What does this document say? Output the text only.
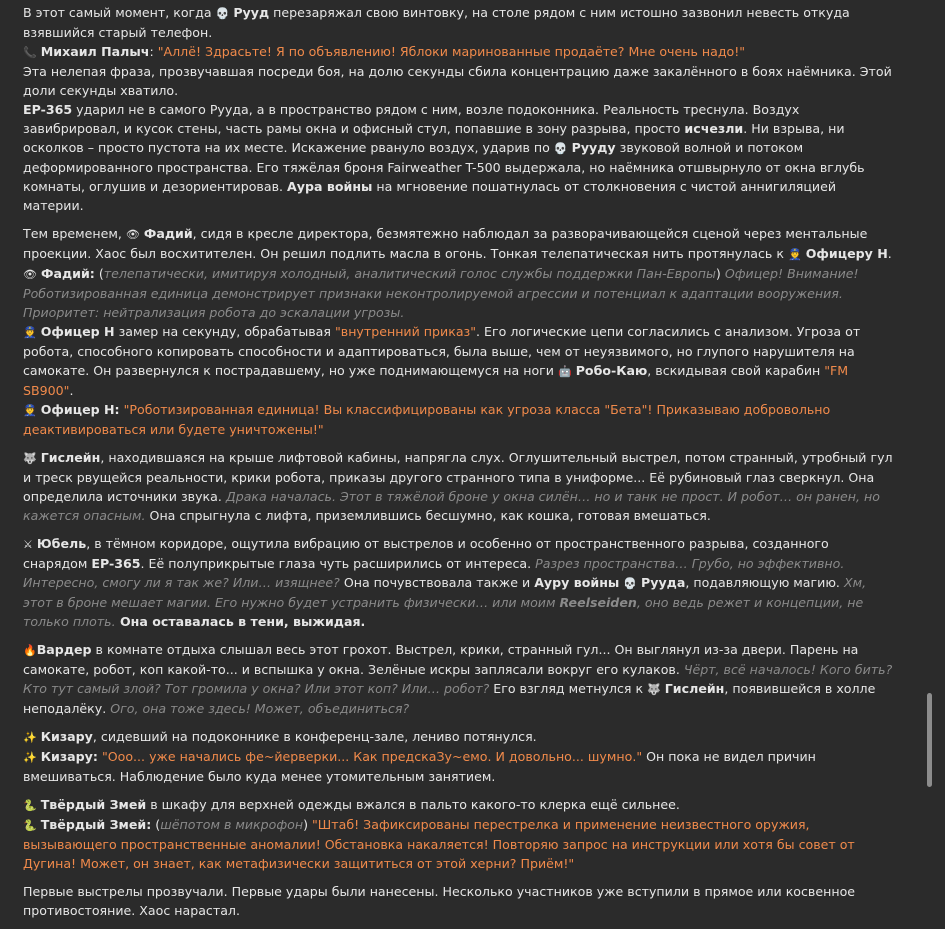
В этот самый момент, когда 💀 Рууд перезаряжал свою винтовку, на столе рядом с ним истошно зазвонил невесть откуда взявшийся старый телефон.
📞 Михаил Палыч: "Аллё! Здрасьте! Я по объявлению! Яблоки маринованные продаёте? Мне очень надо!"
Эта нелепая фраза, прозвучавшая посреди боя, на долю секунды сбила концентрацию даже закалённого в боях наёмника. Этой доли секунды хватило.
EP-365 ударил не в самого Рууда, а в пространство рядом с ним, возле подоконника. Реальность треснула. Воздух завибрировал, и кусок стены, часть рамы окна и офисный стул, попавшие в зону разрыва, просто исчезли. Ни взрыва, ни осколков – просто пустота на их месте. Искажение рвануло воздух, ударив по 💀 Рууду звуковой волной и потоком деформированного пространства. Его тяжёлая броня Fairweather T-500 выдержала, но наёмника отшвырнуло от окна вглубь комнаты, оглушив и дезориентировав. Аура войны на мгновение пошатнулась от столкновения с чистой аннигиляцией материи.
Тем временем, 👁 Фадий, сидя в кресле директора, безмятежно наблюдал за разворачивающейся сценой через ментальные проекции. Хаос был восхитителен. Он решил подлить масла в огонь. Тонкая телепатическая нить протянулась к 👮 Офицеру Н.
👁 Фадий: (телепатически, имитируя холодный, аналитический голос службы поддержки Пан-Европы) Офицер! Внимание! Роботизированная единица демонстрирует признаки неконтролируемой агрессии и потенциал к адаптации вооружения. Приоритет: нейтрализация робота до эскалации угрозы.
👮 Офицер Н замер на секунду, обрабатывая "внутренний приказ". Его логические цепи согласились с анализом. Угроза от робота, способного копировать способности и адаптироваться, была выше, чем от неуязвимого, но глупого нарушителя на самокате. Он развернулся к пострадавшему, но уже поднимающемуся на ноги 🤖 Робо-Каю, вскидывая свой карабин "FM SB900".
👮 Офицер Н: "Роботизированная единица! Вы классифицированы как угроза класса "Бета"! Приказываю добровольно деактивироваться или будете уничтожены!"
🐺 Гислейн, находившаяся на крыше лифтовой кабины, напрягла слух. Оглушительный выстрел, потом странный, утробный гул и треск рвущейся реальности, крики робота, приказы другого странного типа в униформе... Её рубиновый глаз сверкнул. Она определила источники звука. Драка началась. Этот в тяжёлой броне у окна силён… но и танк не прост. И робот… он ранен, но кажется опасным. Она спрыгнула с лифта, приземлившись бесшумно, как кошка, готовая вмешаться.
⚔ Юбель, в тёмном коридоре, ощутила вибрацию от выстрелов и особенно от пространственного разрыва, созданного снарядом EP-365. Её полуприкрытые глаза чуть расширились от интереса. Разрез пространства… Грубо, но эффективно. Интересно, смогу ли я так же? Или… изящнее? Она почувствовала также и Ауру войны 💀 Рууда, подавляющую магию. Хм, этот в броне мешает магии. Его нужно будет устранить физически… или моим Reelseiden, оно ведь режет и концепции, не только плоть. Она оставалась в тени, выжидая.
🔥Вардер в комнате отдыха слышал весь этот грохот. Выстрел, крики, странный гул... Он выглянул из-за двери. Парень на самокате, робот, коп какой-то... и вспышка у окна. Зелёные искры заплясали вокруг его кулаков. Чёрт, всё началось! Кого бить? Кто тут самый злой? Тот громила у окна? Или этот коп? Или… робот? Его взгляд метнулся к 🐺 Гислейн, появившейся в холле неподалёку. Ого, она тоже здесь! Может, объединиться?
✨ Кизару, сидевший на подоконнике в конференц-зале, лениво потянулся.
✨ Кизару: "Ооо... уже начались фе~йерверки... Как предскаЗу~емо. И довольно... шумно." Он пока не видел причин вмешиваться. Наблюдение было куда менее утомительным занятием.
🐍 Твёрдый Змей в шкафу для верхней одежды вжался в пальто какого-то клерка ещё сильнее.
🐍 Твёрдый Змей: (шёпотом в микрофон) "Штаб! Зафиксированы перестрелка и применение неизвестного оружия, вызывающего пространственные аномалии! Обстановка накаляется! Повторяю запрос на инструкции или хотя бы совет от Дугина! Может, он знает, как метафизически защититься от этой херни? Приём!"
Первые выстрелы прозвучали. Первые удары были нанесены. Несколько участников уже вступили в прямое или косвенное противостояние. Хаос нарастал.
